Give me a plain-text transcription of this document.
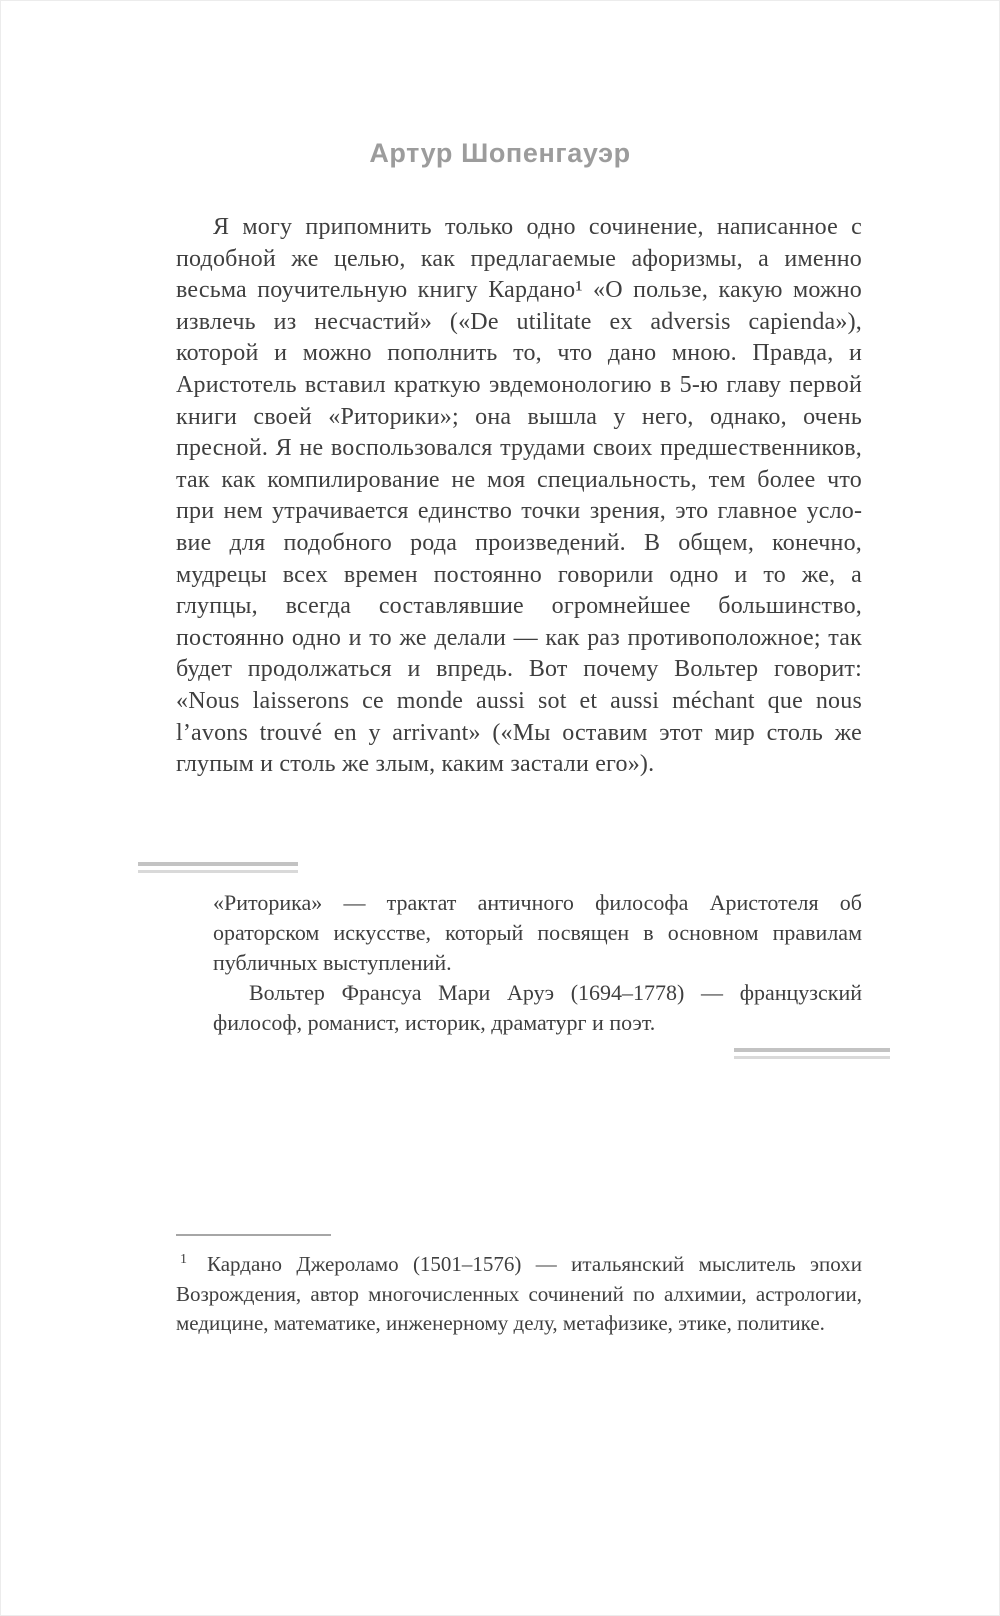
Артур Шопенгауэр

Я могу припомнить только одно сочинение, написанное с подобной же целью, как предлагаемые афоризмы, а именно весьма поучительную книгу Кардано¹ «О пользе, какую можно извлечь из несчастий» («De utilitate ex adversis capienda»), которой и можно пополнить то, что дано мною. Правда, и Аристотель вставил краткую эвдемонологию в 5-ю главу первой книги своей «Риторики»; она вышла у него, однако, очень пресной. Я не воспользовался трудами своих предшественников, так как компилирование не моя специальность, тем более что при нем утрачивается единство точки зрения, это главное условие для подобного рода произведений. В общем, конечно, мудрецы всех времен постоянно говорили одно и то же, а глупцы, всегда составлявшие огромнейшее большинство, постоянно одно и то же делали — как раз противоположное; так будет продолжаться и впредь. Вот почему Вольтер говорит: «Nous laisserons ce monde aussi sot et aussi méchant que nous l’avons trouvé en y arrivant» («Мы оставим этот мир столь же глупым и столь же злым, каким застали его»).

«Риторика» — трактат античного философа Аристотеля об ораторском искусстве, который посвящен в основном правилам публичных выступлений.

Вольтер Франсуа Мари Аруэ (1694–1778) — французский философ, романист, историк, драматург и поэт.

$^1$ Кардано Джероламо (1501–1576) — итальянский мыслитель эпохи Возрождения, автор многочисленных сочинений по алхимии, астрологии, медицине, математике, инженерному делу, метафизике, этике, политике.
